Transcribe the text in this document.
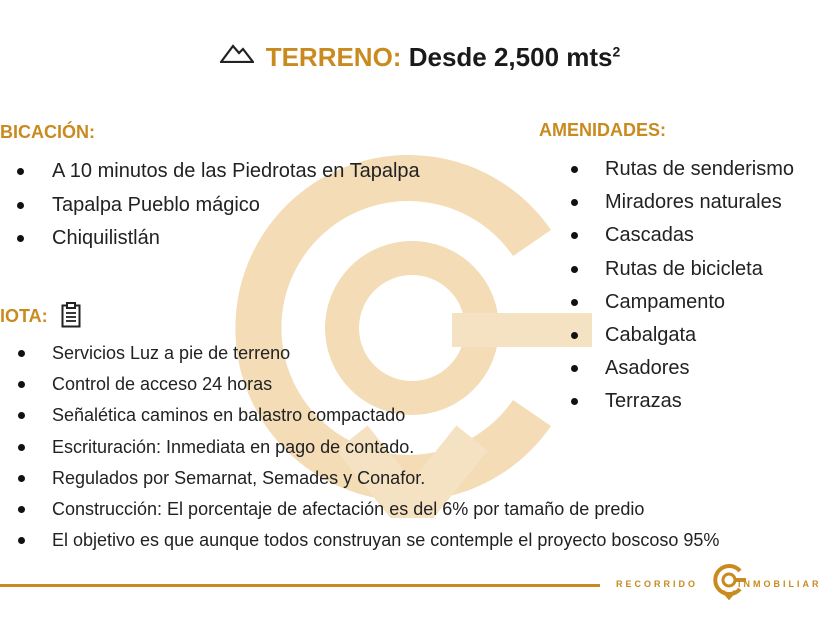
TERRENO: Desde 2,500 mts$^2$
BICACIÓN:
A 10 minutos de las Piedrotas en Tapalpa
Tapalpa Pueblo mágico
Chiquilistlán
AMENIDADES:
Rutas de senderismo
Miradores naturales
Cascadas
Rutas de bicicleta
Campamento
Cabalgata
Asadores
Terrazas
IOTA:
Servicios Luz a pie de terreno
Control de acceso 24 horas
Señalética caminos en balastro compactado
Escrituración: Inmediata en pago de contado.
Regulados por Semarnat, Semades y Conafor.
Construcción: El porcentaje de afectación es del 6% por tamaño de predio
El objetivo es que aunque todos construyan se contemple el proyecto boscoso 95%
RECORRIDO	INMOBILIAR
